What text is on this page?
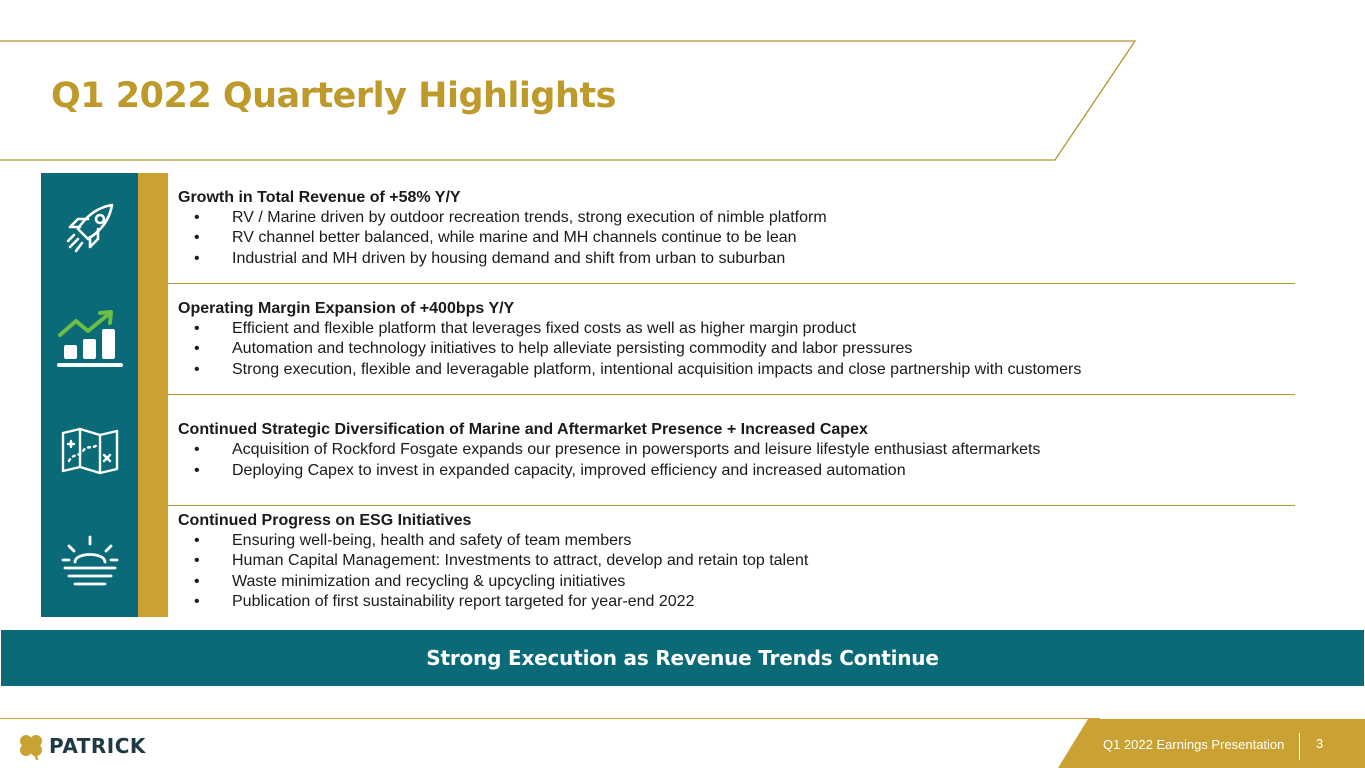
Q1 2022 Quarterly Highlights
Growth in Total Revenue of +58% Y/Y
• RV / Marine driven by outdoor recreation trends, strong execution of nimble platform
• RV channel better balanced, while marine and MH channels continue to be lean
• Industrial and MH driven by housing demand and shift from urban to suburban
Operating Margin Expansion of +400bps Y/Y
• Efficient and flexible platform that leverages fixed costs as well as higher margin product
• Automation and technology initiatives to help alleviate persisting commodity and labor pressures
• Strong execution, flexible and leveragable platform, intentional acquisition impacts and close partnership with customers
Continued Strategic Diversification of Marine and Aftermarket Presence + Increased Capex
• Acquisition of Rockford Fosgate expands our presence in powersports and leisure lifestyle enthusiast aftermarkets
• Deploying Capex to invest in expanded capacity, improved efficiency and increased automation
Continued Progress on ESG Initiatives
• Ensuring well-being, health and safety of team members
• Human Capital Management: Investments to attract, develop and retain top talent
• Waste minimization and recycling & upcycling initiatives
• Publication of first sustainability report targeted for year-end 2022
Strong Execution as Revenue Trends Continue
PATRICK	Q1 2022 Earnings Presentation 3
